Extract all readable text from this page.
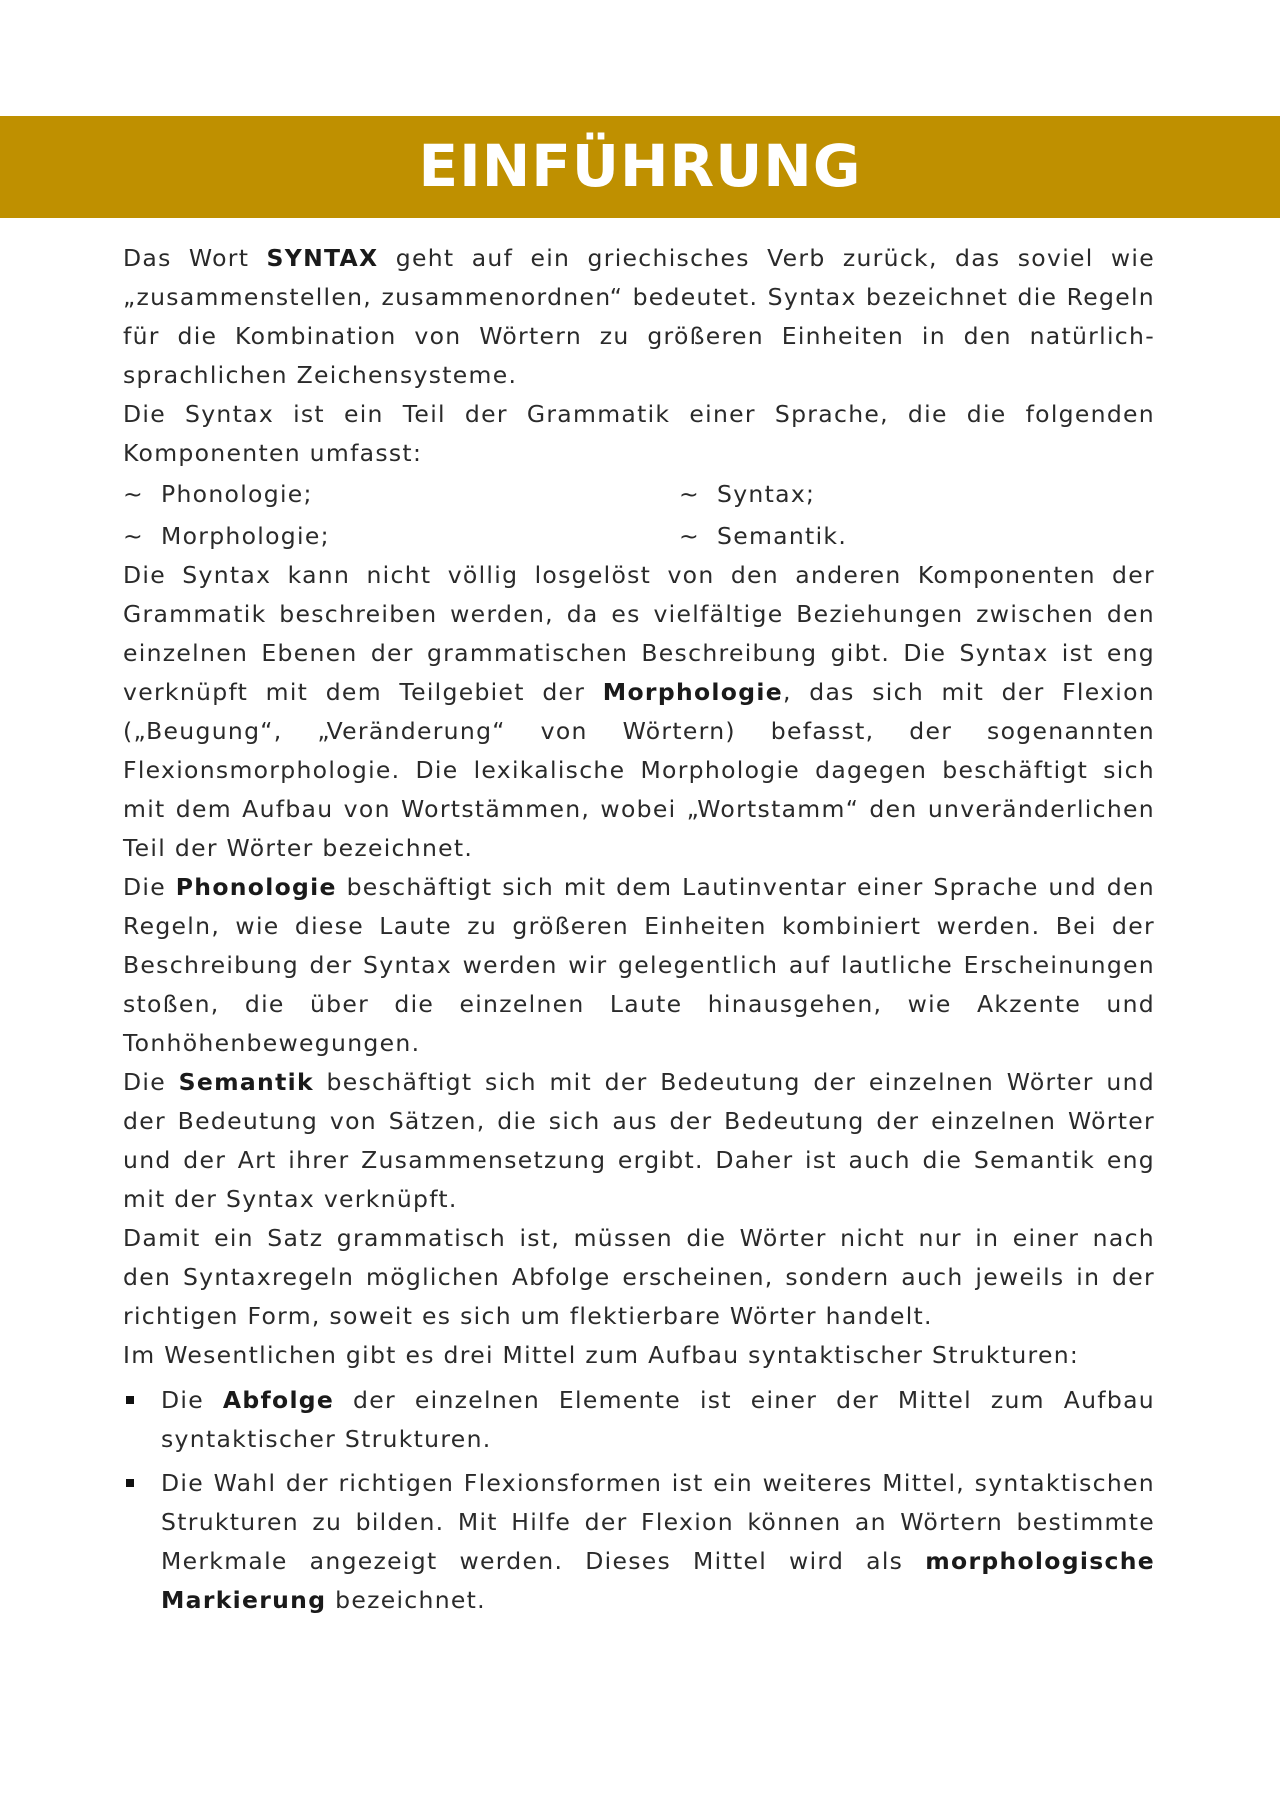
EINFÜHRUNG

Das Wort SYNTAX geht auf ein griechisches Verb zurück, das soviel wie „zusammenstellen, zusammenordnen“ bedeutet. Syntax bezeichnet die Regeln für die Kombination von Wörtern zu größeren Einheiten in den natürlich-sprachlichen Zeichensysteme.

Die Syntax ist ein Teil der Grammatik einer Sprache, die die folgenden Komponenten umfasst:

~ Phonologie;	~ Syntax;
~ Morphologie;	~ Semantik.

Die Syntax kann nicht völlig losgelöst von den anderen Komponenten der Grammatik beschreiben werden, da es vielfältige Beziehungen zwischen den einzelnen Ebenen der grammatischen Beschreibung gibt. Die Syntax ist eng verknüpft mit dem Teilgebiet der Morphologie, das sich mit der Flexion („Beugung“, „Veränderung“ von Wörtern) befasst, der sogenannten Flexionsmorphologie. Die lexikalische Morphologie dagegen beschäftigt sich mit dem Aufbau von Wortstämmen, wobei „Wortstamm“ den unveränderlichen Teil der Wörter bezeichnet.

Die Phonologie beschäftigt sich mit dem Lautinventar einer Sprache und den Regeln, wie diese Laute zu größeren Einheiten kombiniert werden. Bei der Beschreibung der Syntax werden wir gelegentlich auf lautliche Erscheinungen stoßen, die über die einzelnen Laute hinausgehen, wie Akzente und Tonhöhenbewegungen.

Die Semantik beschäftigt sich mit der Bedeutung der einzelnen Wörter und der Bedeutung von Sätzen, die sich aus der Bedeutung der einzelnen Wörter und der Art ihrer Zusammensetzung ergibt. Daher ist auch die Semantik eng mit der Syntax verknüpft.

Damit ein Satz grammatisch ist, müssen die Wörter nicht nur in einer nach den Syntaxregeln möglichen Abfolge erscheinen, sondern auch jeweils in der richtigen Form, soweit es sich um flektierbare Wörter handelt.

Im Wesentlichen gibt es drei Mittel zum Aufbau syntaktischer Strukturen:

Die Abfolge der einzelnen Elemente ist einer der Mittel zum Aufbau syntaktischer Strukturen.

Die Wahl der richtigen Flexionsformen ist ein weiteres Mittel, syntaktischen Strukturen zu bilden. Mit Hilfe der Flexion können an Wörtern bestimmte Merkmale angezeigt werden. Dieses Mittel wird als morphologische Markierung bezeichnet.
